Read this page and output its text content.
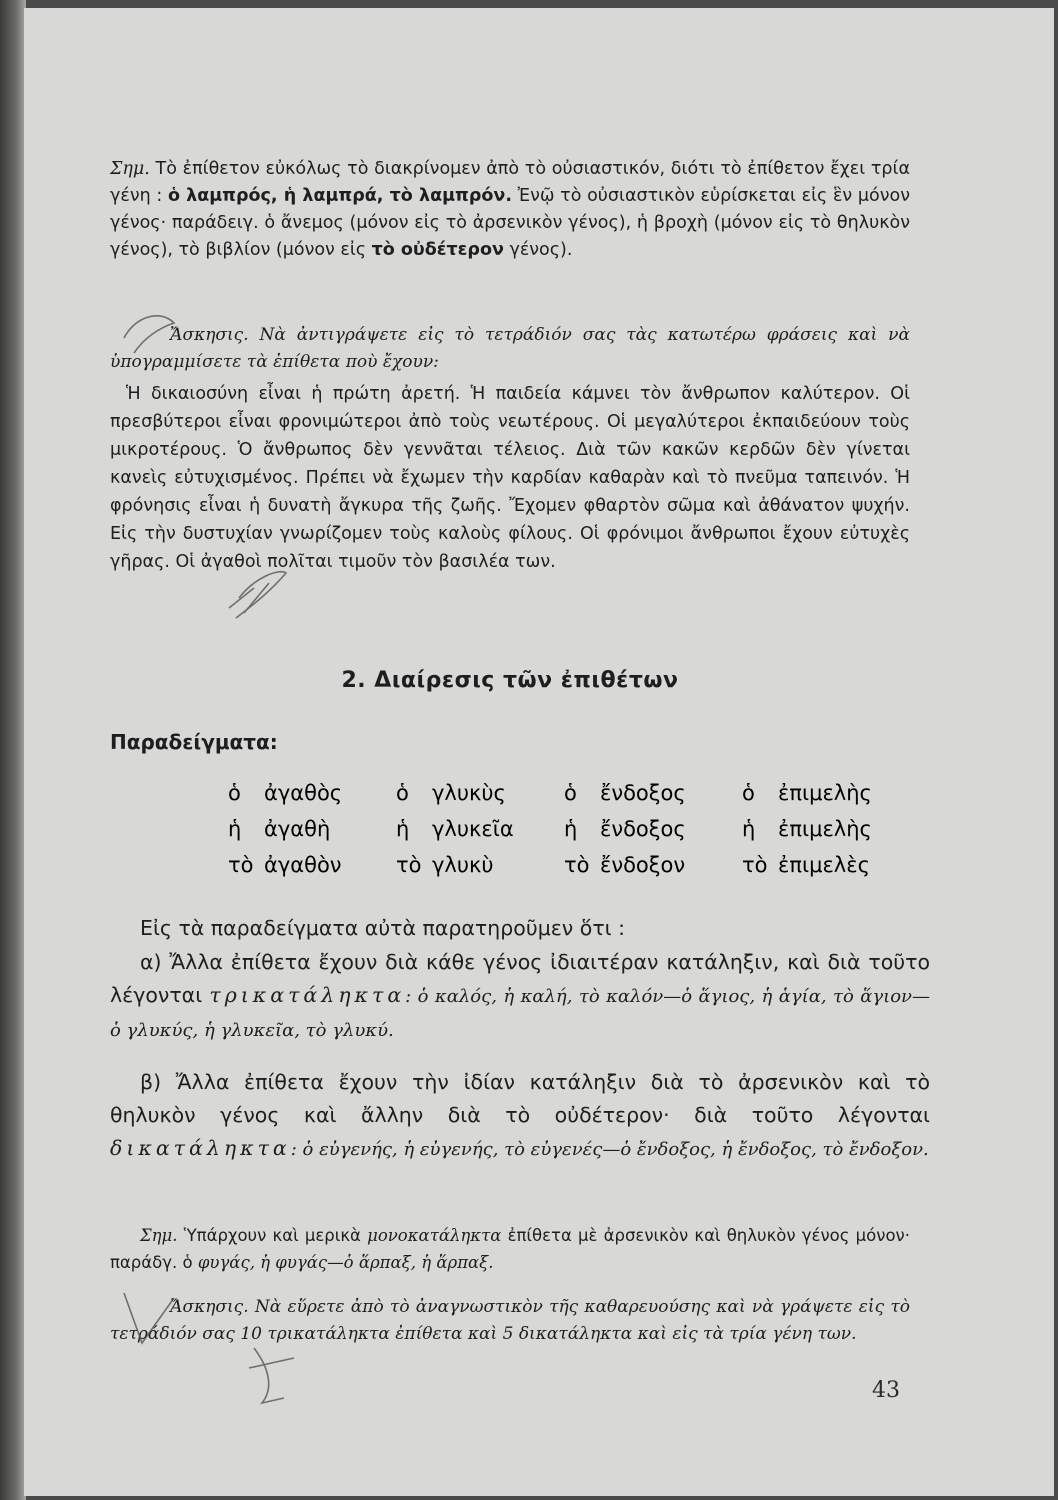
Σημ. Τὸ ἐπίθετον εὐκόλως τὸ διακρίνομεν ἀπὸ τὸ οὐσιαστικόν, διότι τὸ ἐπίθετον ἔχει τρία γένη : ὁ λαμπρός, ἡ λαμπρά, τὸ λαμπρόν. Ἐνῷ τὸ οὐσιαστικὸν εὑρίσκεται εἰς ἓν μόνον γένος· παράδειγ. ὁ ἄνεμος (μόνον εἰς τὸ ἀρσενικὸν γένος), ἡ βροχὴ (μόνον εἰς τὸ θηλυκὸν γένος), τὸ βιβλίον (μόνον εἰς τὸ οὐδέτερον γένος).
Ἄσκησις. Νὰ ἀντιγράψετε εἰς τὸ τετράδιόν σας τὰς κατωτέρω φράσεις καὶ νὰ ὑπογραμμίσετε τὰ ἐπίθετα ποὺ ἔχουν:
Ἡ δικαιοσύνη εἶναι ἡ πρώτη ἀρετή. Ἡ παιδεία κάμνει τὸν ἄνθρωπον καλύτερον. Οἱ πρεσβύτεροι εἶναι φρονιμώτεροι ἀπὸ τοὺς νεωτέρους. Οἱ μεγαλύτεροι ἐκπαιδεύουν τοὺς μικροτέρους. Ὁ ἄνθρωπος δὲν γεννᾶται τέλειος. Διὰ τῶν κακῶν κερδῶν δὲν γίνεται κανεὶς εὐτυχισμένος. Πρέπει νὰ ἔχωμεν τὴν καρδίαν καθαρὰν καὶ τὸ πνεῦμα ταπεινόν. Ἡ φρόνησις εἶναι ἡ δυνατὴ ἄγκυρα τῆς ζωῆς. Ἔχομεν φθαρτὸν σῶμα καὶ ἀθάνατον ψυχήν. Εἰς τὴν δυστυχίαν γνωρίζομεν τοὺς καλοὺς φίλους. Οἱ φρόνιμοι ἄνθρωποι ἔχουν εὐτυχὲς γῆρας. Οἱ ἀγαθοὶ πολῖται τιμοῦν τὸν βασιλέα των.
2. Διαίρεσις τῶν ἐπιθέτων
Παραδείγματα:
ὁ ἀγαθὸς	ὁ γλυκὺς	ὁ ἔνδοξος	ὁ ἐπιμελὴς
ἡ ἀγαθὴ	ἡ γλυκεῖα	ἡ ἔνδοξος	ἡ ἐπιμελὴς
τὸ ἀγαθὸν	τὸ γλυκὺ	τὸ ἔνδοξον	τὸ ἐπιμελὲς
Εἰς τὰ παραδείγματα αὐτὰ παρατηροῦμεν ὅτι :
α) Ἄλλα ἐπίθετα ἔχουν διὰ κάθε γένος ἰδιαιτέραν κατάληξιν, καὶ διὰ τοῦτο λέγονται τρικατάληκτα: ὁ καλός, ἡ καλή, τὸ καλόν—ὁ ἅγιος, ἡ ἁγία, τὸ ἅγιον—ὁ γλυκύς, ἡ γλυκεῖα, τὸ γλυκύ.
β) Ἄλλα ἐπίθετα ἔχουν τὴν ἰδίαν κατάληξιν διὰ τὸ ἀρσενικὸν καὶ τὸ θηλυκὸν γένος καὶ ἄλλην διὰ τὸ οὐδέτερον· διὰ τοῦτο λέγονται δικατάληκτα: ὁ εὐγενής, ἡ εὐγενής, τὸ εὐγενές—ὁ ἔνδοξος, ἡ ἔνδοξος, τὸ ἔνδοξον.
Σημ. Ὑπάρχουν καὶ μερικὰ μονοκατάληκτα ἐπίθετα μὲ ἀρσενικὸν καὶ θηλυκὸν γένος μόνον· παράδγ. ὁ φυγάς, ἡ φυγάς—ὁ ἅρπαξ, ἡ ἅρπαξ.
Ἄσκησις. Νὰ εὕρετε ἀπὸ τὸ ἀναγνωστικὸν τῆς καθαρευούσης καὶ νὰ γράψετε εἰς τὸ τετράδιόν σας 10 τρικατάληκτα ἐπίθετα καὶ 5 δικατάληκτα καὶ εἰς τὰ τρία γένη των.
43
